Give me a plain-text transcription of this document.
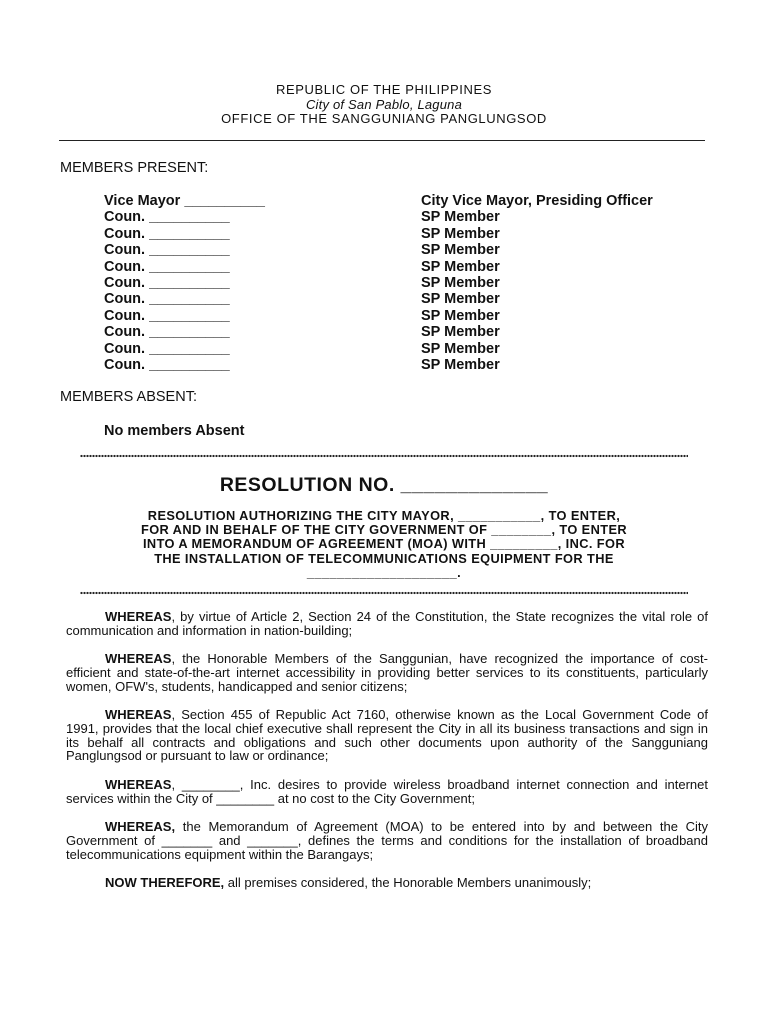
REPUBLIC OF THE PHILIPPINES
City of San Pablo, Laguna
OFFICE OF THE SANGGUNIANG PANGLUNGSOD
MEMBERS PRESENT:
Vice Mayor __________	City Vice Mayor, Presiding Officer
Coun. __________	SP Member
Coun. __________	SP Member
Coun. __________	SP Member
Coun. __________	SP Member
Coun. __________	SP Member
Coun. __________	SP Member
Coun. __________	SP Member
Coun. __________	SP Member
Coun. __________	SP Member
Coun. __________	SP Member
MEMBERS ABSENT:
No members Absent
RESOLUTION NO. _____________
RESOLUTION AUTHORIZING THE CITY MAYOR, ___________, TO ENTER,
FOR AND IN BEHALF OF THE CITY GOVERNMENT OF ________, TO ENTER
INTO A MEMORANDUM OF AGREEMENT (MOA) WITH _________, INC. FOR
THE INSTALLATION OF TELECOMMUNICATIONS EQUIPMENT FOR THE
____________________.
WHEREAS, by virtue of Article 2, Section 24 of the Constitution, the State recognizes the vital role of communication and information in nation-building;
WHEREAS, the Honorable Members of the Sanggunian, have recognized the importance of cost-efficient and state-of-the-art internet accessibility in providing better services to its constituents, particularly women, OFW's, students, handicapped and senior citizens;
WHEREAS, Section 455 of Republic Act 7160, otherwise known as the Local Government Code of 1991, provides that the local chief executive shall represent the City in all its business transactions and sign in its behalf all contracts and obligations and such other documents upon authority of the Sangguniang Panglungsod or pursuant to law or ordinance;
WHEREAS, ________, Inc. desires to provide wireless broadband internet connection and internet services within the City of ________ at no cost to the City Government;
WHEREAS, the Memorandum of Agreement (MOA) to be entered into by and between the City Government of _______ and _______, defines the terms and conditions for the installation of broadband telecommunications equipment within the Barangays;
NOW THEREFORE, all premises considered, the Honorable Members unanimously;
